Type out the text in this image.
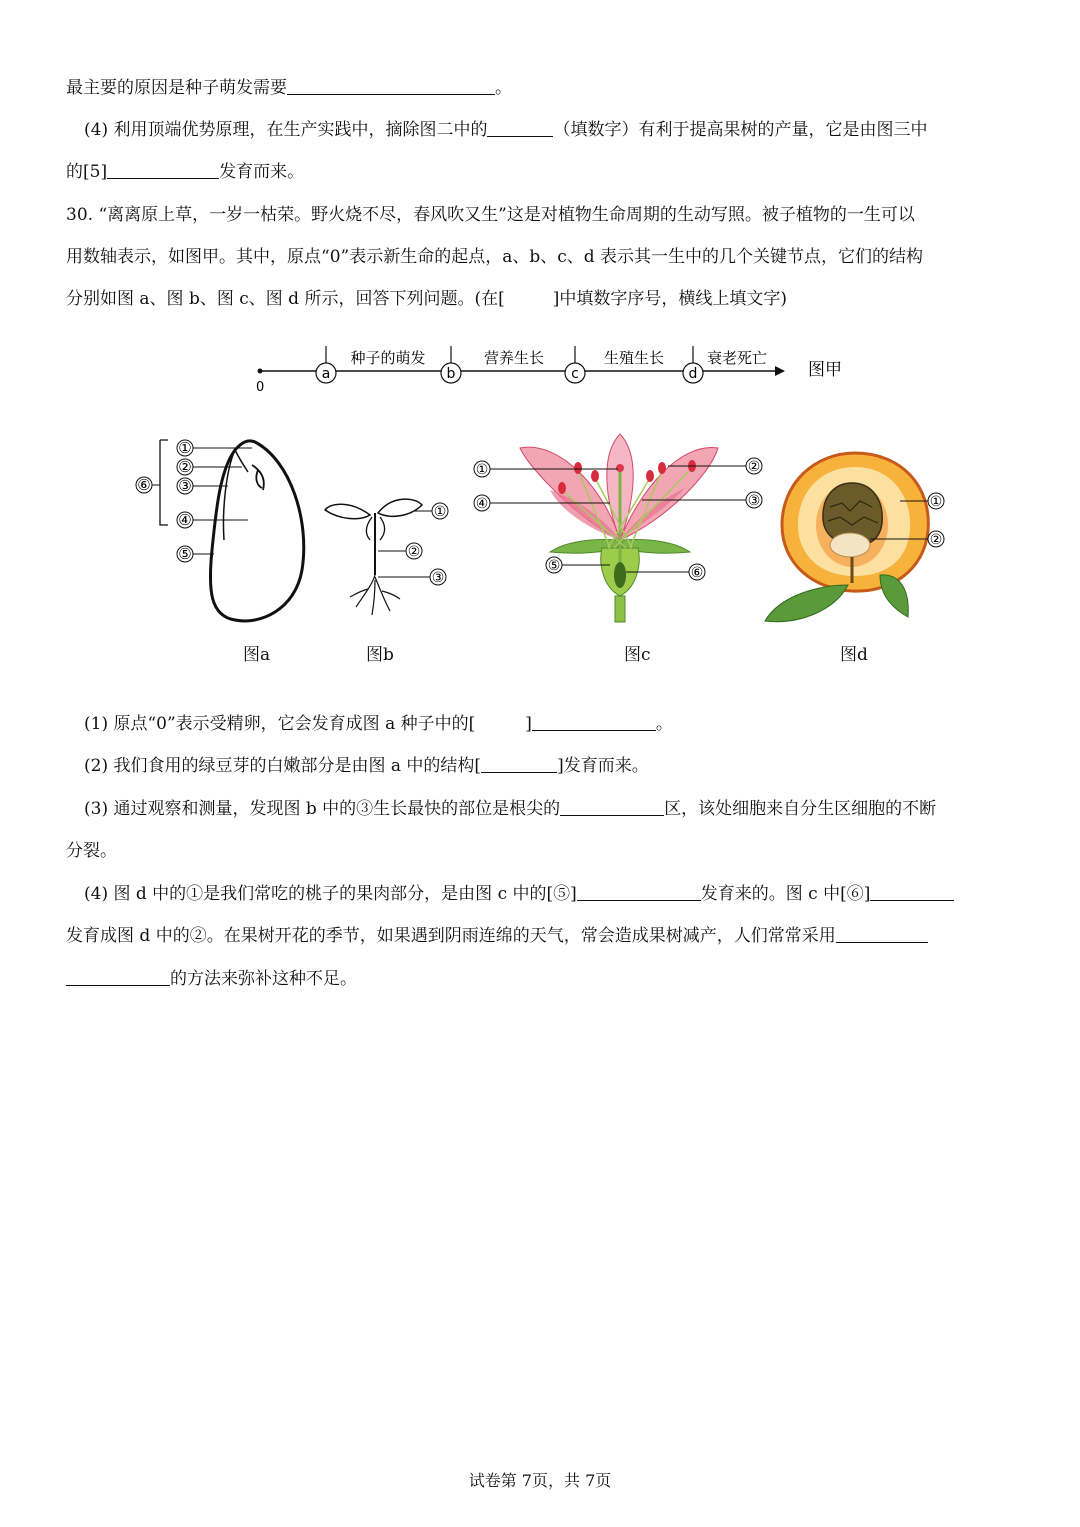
最主要的原因是种子萌发需要	。
(4) 利用顶端优势原理，在生产实践中，摘除图二中的	（填数字）有利于提高果树的产量，它是由图三中
的[5]	发育而来。
30. “离离原上草，一岁一枯荣。野火烧不尽，春风吹又生”这是对植物生命周期的生动写照。被子植物的一生可以
用数轴表示，如图甲。其中，原点“0”表示新生命的起点，a、b、c、d 表示其一生中的几个关键节点，它们的结构
分别如图 a、图 b、图 c、图 d 所示，回答下列问题。(在[	]中填数字序号，横线上填文字)
0
a	b	c	d
种子的萌发	营养生长	生殖生长	衰老死亡
图甲
①
②
③
④
⑤
⑥
图a
①
②
③
图b
①	②
③
④
⑤	⑥
图c
①
②
图d
(1) 原点“0”表示受精卵，它会发育成图 a 种子中的[	]	。
(2) 我们食用的绿豆芽的白嫩部分是由图 a 中的结构[	]发育而来。
(3) 通过观察和测量，发现图 b 中的③生长最快的部位是根尖的	区，该处细胞来自分生区细胞的不断
分裂。
(4) 图 d 中的①是我们常吃的桃子的果肉部分，是由图 c 中的[⑤]	发育来的。图 c 中[⑥]
发育成图 d 中的②。在果树开花的季节，如果遇到阴雨连绵的天气，常会造成果树减产，人们常常采用
的方法来弥补这种不足。
试卷第 7页，共 7页
